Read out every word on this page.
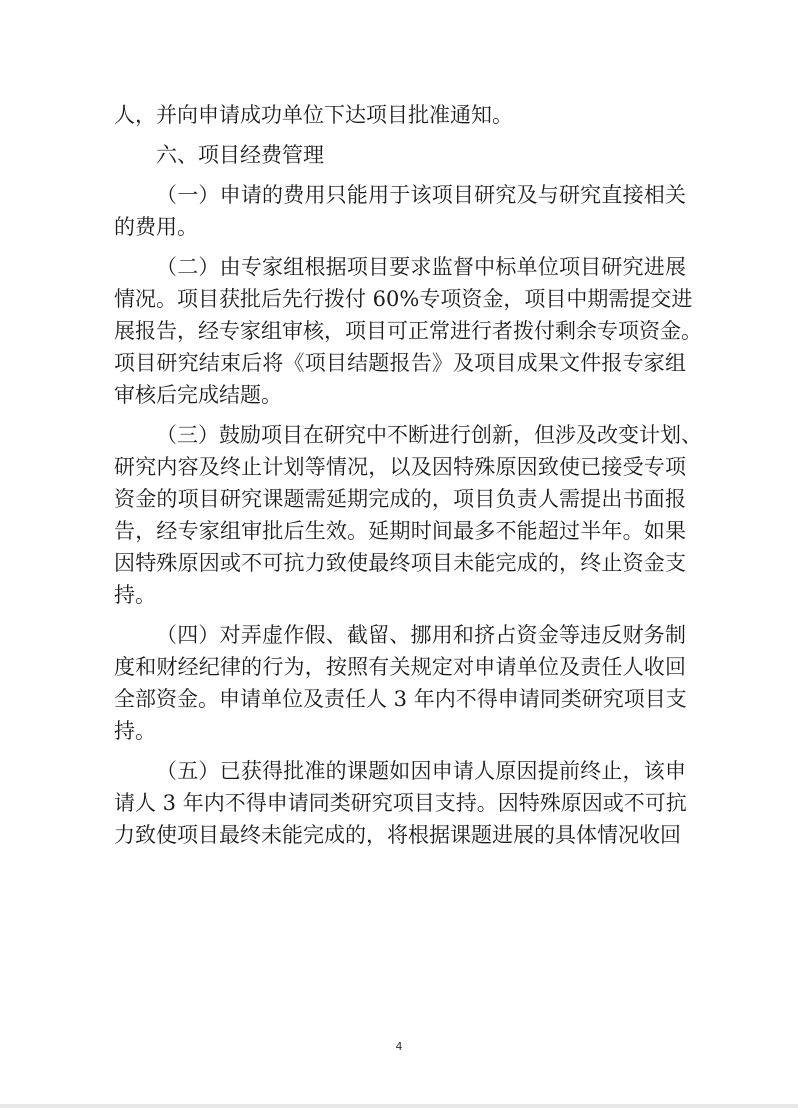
人，并向申请成功单位下达项目批准通知。
六、项目经费管理
（一）申请的费用只能用于该项目研究及与研究直接相关
的费用。
（二）由专家组根据项目要求监督中标单位项目研究进展
情况。项目获批后先行拨付 60%专项资金，项目中期需提交进
展报告，经专家组审核，项目可正常进行者拨付剩余专项资金。
项目研究结束后将《项目结题报告》及项目成果文件报专家组
审核后完成结题。
（三）鼓励项目在研究中不断进行创新，但涉及改变计划、
研究内容及终止计划等情况，以及因特殊原因致使已接受专项
资金的项目研究课题需延期完成的，项目负责人需提出书面报
告，经专家组审批后生效。延期时间最多不能超过半年。如果
因特殊原因或不可抗力致使最终项目未能完成的，终止资金支
持。
（四）对弄虚作假、截留、挪用和挤占资金等违反财务制
度和财经纪律的行为，按照有关规定对申请单位及责任人收回
全部资金。申请单位及责任人 3 年内不得申请同类研究项目支
持。
（五）已获得批准的课题如因申请人原因提前终止，该申
请人 3 年内不得申请同类研究项目支持。因特殊原因或不可抗
力致使项目最终未能完成的，将根据课题进展的具体情况收回
4
